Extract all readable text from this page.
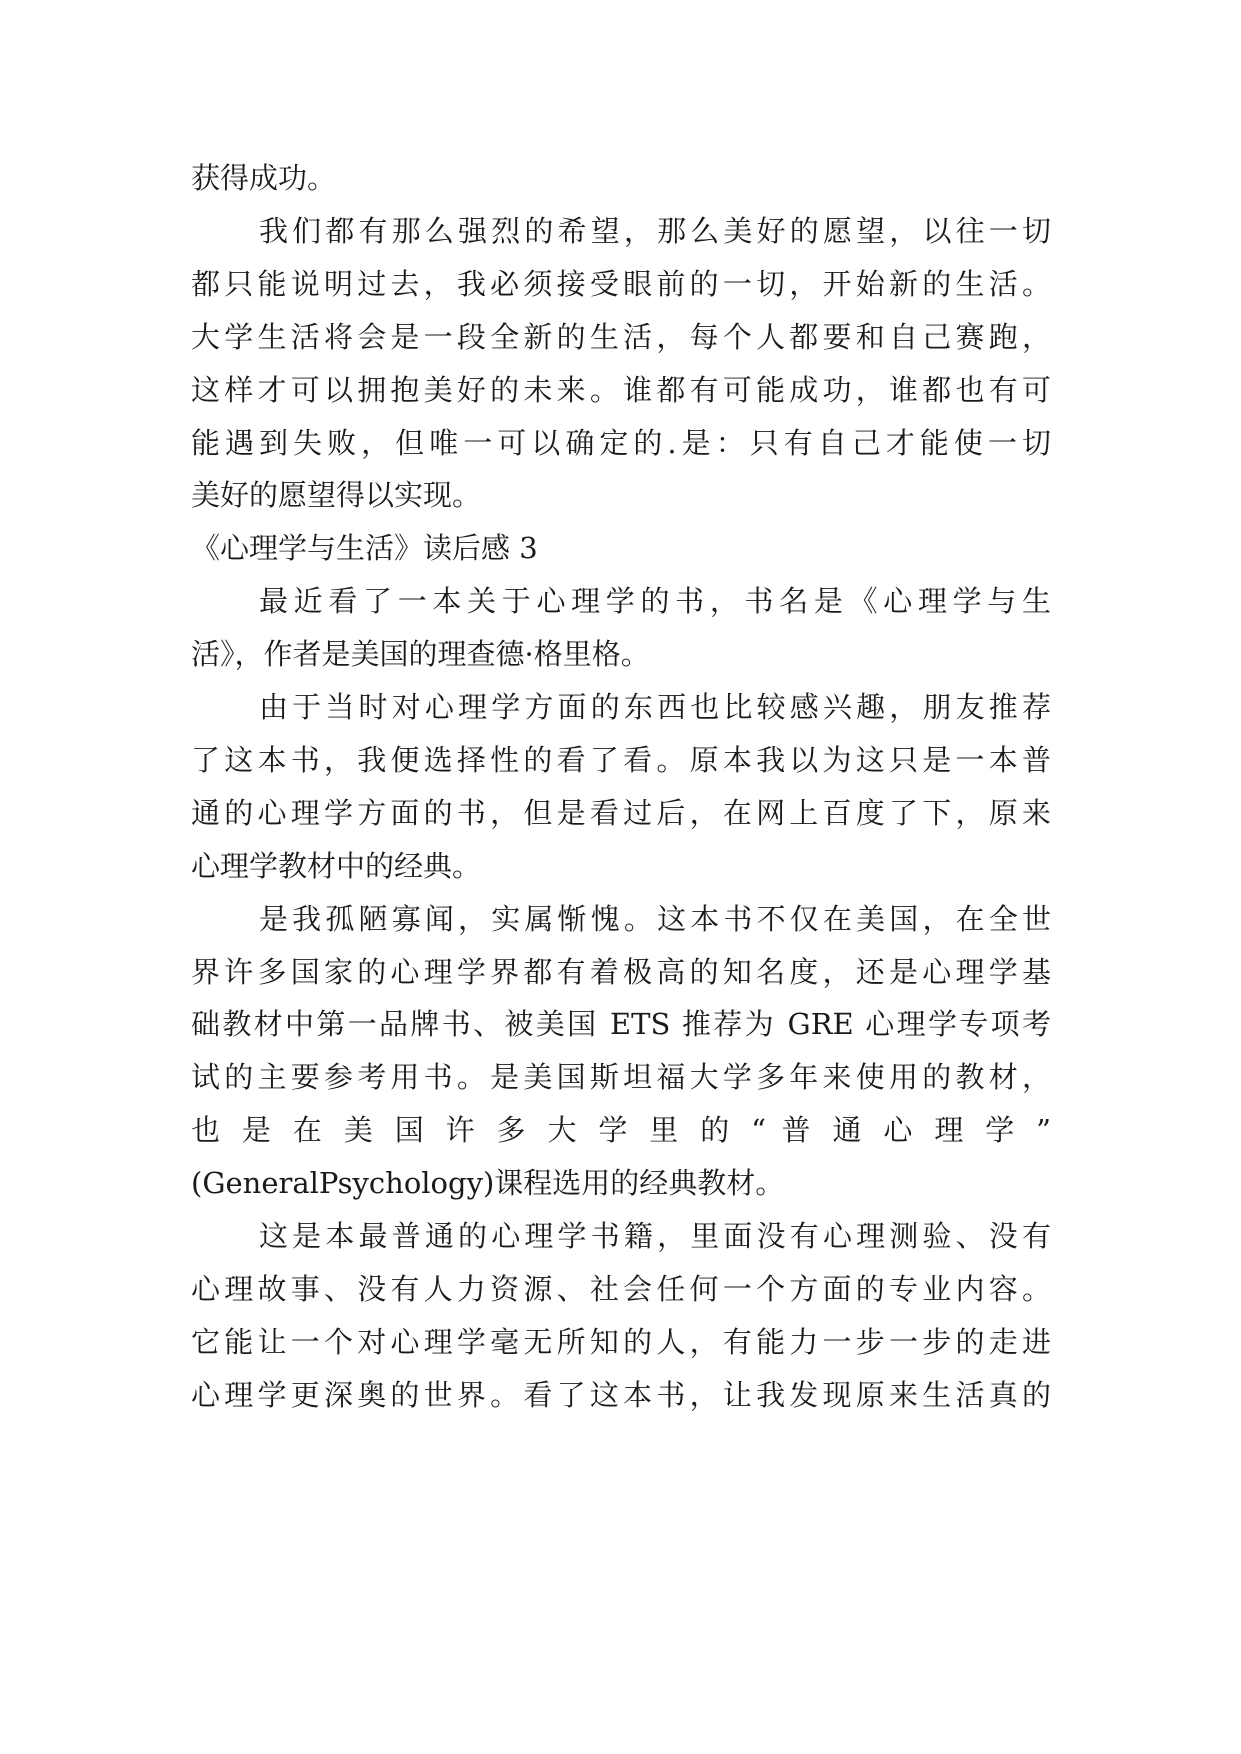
获得成功。
我们都有那么强烈的希望，那么美好的愿望，以往一切
都只能说明过去，我必须接受眼前的一切，开始新的生活。
大学生活将会是一段全新的生活，每个人都要和自己赛跑，
这样才可以拥抱美好的未来。谁都有可能成功，谁都也有可
能遇到失败，但唯一可以确定的.是：只有自己才能使一切
美好的愿望得以实现。
《心理学与生活》读后感 3
最近看了一本关于心理学的书，书名是《心理学与生
活》，作者是美国的理查德·格里格。
由于当时对心理学方面的东西也比较感兴趣，朋友推荐
了这本书，我便选择性的看了看。原本我以为这只是一本普
通的心理学方面的书，但是看过后，在网上百度了下，原来
心理学教材中的经典。
是我孤陋寡闻，实属惭愧。这本书不仅在美国，在全世
界许多国家的心理学界都有着极高的知名度，还是心理学基
础教材中第一品牌书、被美国 ETS 推荐为 GRE 心理学专项考
试的主要参考用书。是美国斯坦福大学多年来使用的教材，
也 是 在 美 国 许 多 大 学 里 的 “ 普 通 心 理 学 ”
(GeneralPsychology)课程选用的经典教材。
这是本最普通的心理学书籍，里面没有心理测验、没有
心理故事、没有人力资源、社会任何一个方面的专业内容。
它能让一个对心理学毫无所知的人，有能力一步一步的走进
心理学更深奥的世界。看了这本书，让我发现原来生活真的
